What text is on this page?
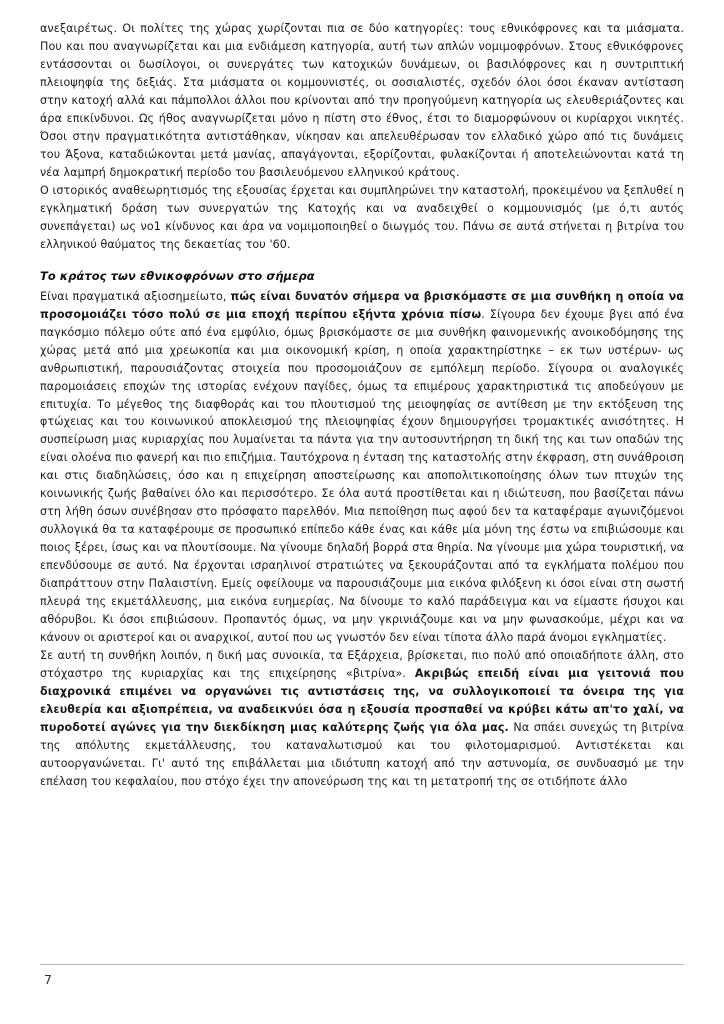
ανεξαιρέτως. Οι πολίτες της χώρας χωρίζονται πια σε δύο κατηγορίες: τους εθνικόφρονες και τα μιάσματα. Που και που αναγνωρίζεται και μια ενδιάμεση κατηγορία, αυτή των απλών νομιμοφρόνων. Στους εθνικόφρονες εντάσσονται οι δωσίλογοι, οι συνεργάτες των κατοχικών δυνάμεων, οι βασιλόφρονες και η συντριπτική πλειοψηφία της δεξιάς. Στα μιάσματα οι κομμουνιστές, οι σοσιαλιστές, σχεδόν όλοι όσοι έκαναν αντίσταση στην κατοχή αλλά και πάμπολλοι άλλοι που κρίνονται από την προηγούμενη κατηγορία ως ελευθεριάζοντες και άρα επικίνδυνοι. Ως ήθος αναγνωρίζεται μόνο η πίστη στο έθνος, έτσι το διαμορφώνουν οι κυρίαρχοι νικητές. Όσοι στην πραγματικότητα αντιστάθηκαν, νίκησαν και απελευθέρωσαν τον ελλαδικό χώρο από τις δυνάμεις του Άξονα, καταδιώκονται μετά μανίας, απαγάγονται, εξορίζονται, φυλακίζονται ή αποτελειώνονται κατά τη νέα λαμπρή δημοκρατική περίοδο του βασιλευόμενου ελληνικού κράτους.

Ο ιστορικός αναθεωρητισμός της εξουσίας έρχεται και συμπληρώνει την καταστολή, προκειμένου να ξεπλυθεί η εγκληματική δράση των συνεργατών της Κατοχής και να αναδειχθεί ο κομμουνισμός (με ό,τι αυτός συνεπάγεται) ως νο1 κίνδυνος και άρα να νομιμοποιηθεί ο διωγμός του. Πάνω σε αυτά στήνεται η βιτρίνα του ελληνικού θαύματος της δεκαετίας του '60.

Το κράτος των εθνικοφρόνων στο σήμερα

Είναι πραγματικά αξιοσημείωτο, πώς είναι δυνατόν σήμερα να βρισκόμαστε σε μια συνθήκη η οποία να προσομοιάζει τόσο πολύ σε μια εποχή περίπου εξήντα χρόνια πίσω. Σίγουρα δεν έχουμε βγει από ένα παγκόσμιο πόλεμο ούτε από ένα εμφύλιο, όμως βρισκόμαστε σε μια συνθήκη φαινομενικής ανοικοδόμησης της χώρας μετά από μια χρεωκοπία και μια οικονομική κρίση, η οποία χαρακτηρίστηκε – εκ των υστέρων- ως ανθρωπιστική, παρουσιάζοντας στοιχεία που προσομοιάζουν σε εμπόλεμη περίοδο. Σίγουρα οι αναλογικές παρομοιάσεις εποχών της ιστορίας ενέχουν παγίδες, όμως τα επιμέρους χαρακτηριστικά τις αποδεύγουν με επιτυχία. Το μέγεθος της διαφθοράς και του πλουτισμού της μειοψηφίας σε αντίθεση με την εκτόξευση της φτώχειας και του κοινωνικού αποκλεισμού της πλειοψηφίας έχουν δημιουργήσει τρομακτικές ανισότητες. Η συσπείρωση μιας κυριαρχίας που λυμαίνεται τα πάντα για την αυτοσυντήρηση τη δική της και των οπαδών της είναι ολοένα πιο φανερή και πιο επιζήμια. Ταυτόχρονα η ένταση της καταστολής στην έκφραση, στη συνάθροιση και στις διαδηλώσεις, όσο και η επιχείρηση αποστείρωσης και αποπολιτικοποίησης όλων των πτυχών της κοινωνικής ζωής βαθαίνει όλο και περισσότερο. Σε όλα αυτά προστίθεται και η ιδιώτευση, που βασίζεται πάνω στη λήθη όσων συνέβησαν στο πρόσφατο παρελθόν. Μια πεποίθηση πως αφού δεν τα καταφέραμε αγωνιζόμενοι συλλογικά θα τα καταφέρουμε σε προσωπικό επίπεδο κάθε ένας και κάθε μία μόνη της έστω να επιβιώσουμε και ποιος ξέρει, ίσως και να πλουτίσουμε. Να γίνουμε δηλαδή βορρά στα θηρία. Να γίνουμε μια χώρα τουριστική, να επενδύσουμε σε αυτό. Να έρχονται ισραηλινοί στρατιώτες να ξεκουράζονται από τα εγκλήματα πολέμου που διαπράττουν στην Παλαιστίνη. Εμείς οφείλουμε να παρουσιάζουμε μια εικόνα φιλόξενη κι όσοι είναι στη σωστή πλευρά της εκμετάλλευσης, μια εικόνα ευημερίας. Να δίνουμε το καλό παράδειγμα και να είμαστε ήσυχοι και αθόρυβοι. Κι όσοι επιβιώσουν. Προπαντός όμως, να μην γκρινιάζουμε και να μην φωνασκούμε, μέχρι και να κάνουν οι αριστεροί και οι αναρχικοί, αυτοί που ως γνωστόν δεν είναι τίποτα άλλο παρά άνομοι εγκληματίες.

Σε αυτή τη συνθήκη λοιπόν, η δική μας συνοικία, τα Εξάρχεια, βρίσκεται, πιο πολύ από οποιαδήποτε άλλη, στο στόχαστρο της κυριαρχίας και της επιχείρησης «βιτρίνα». Ακριβώς επειδή είναι μια γειτονιά που διαχρονικά επιμένει να οργανώνει τις αντιστάσεις της, να συλλογικοποιεί τα όνειρα της για ελευθερία και αξιοπρέπεια, να αναδεικνύει όσα η εξουσία προσπαθεί να κρύβει κάτω απ'το χαλί, να πυροδοτεί αγώνες για την διεκδίκηση μιας καλύτερης ζωής για όλα μας. Να σπάει συνεχώς τη βιτρίνα της απόλυτης εκμετάλλευσης, του καταναλωτισμού και του φιλοτομαρισμού. Αντιστέκεται και αυτοοργανώνεται. Γι' αυτό της επιβάλλεται μια ιδιότυπη κατοχή από την αστυνομία, σε συνδυασμό με την επέλαση του κεφαλαίου, που στόχο έχει την απονεύρωση της και τη μετατροπή της σε οτιδήποτε άλλο

7
